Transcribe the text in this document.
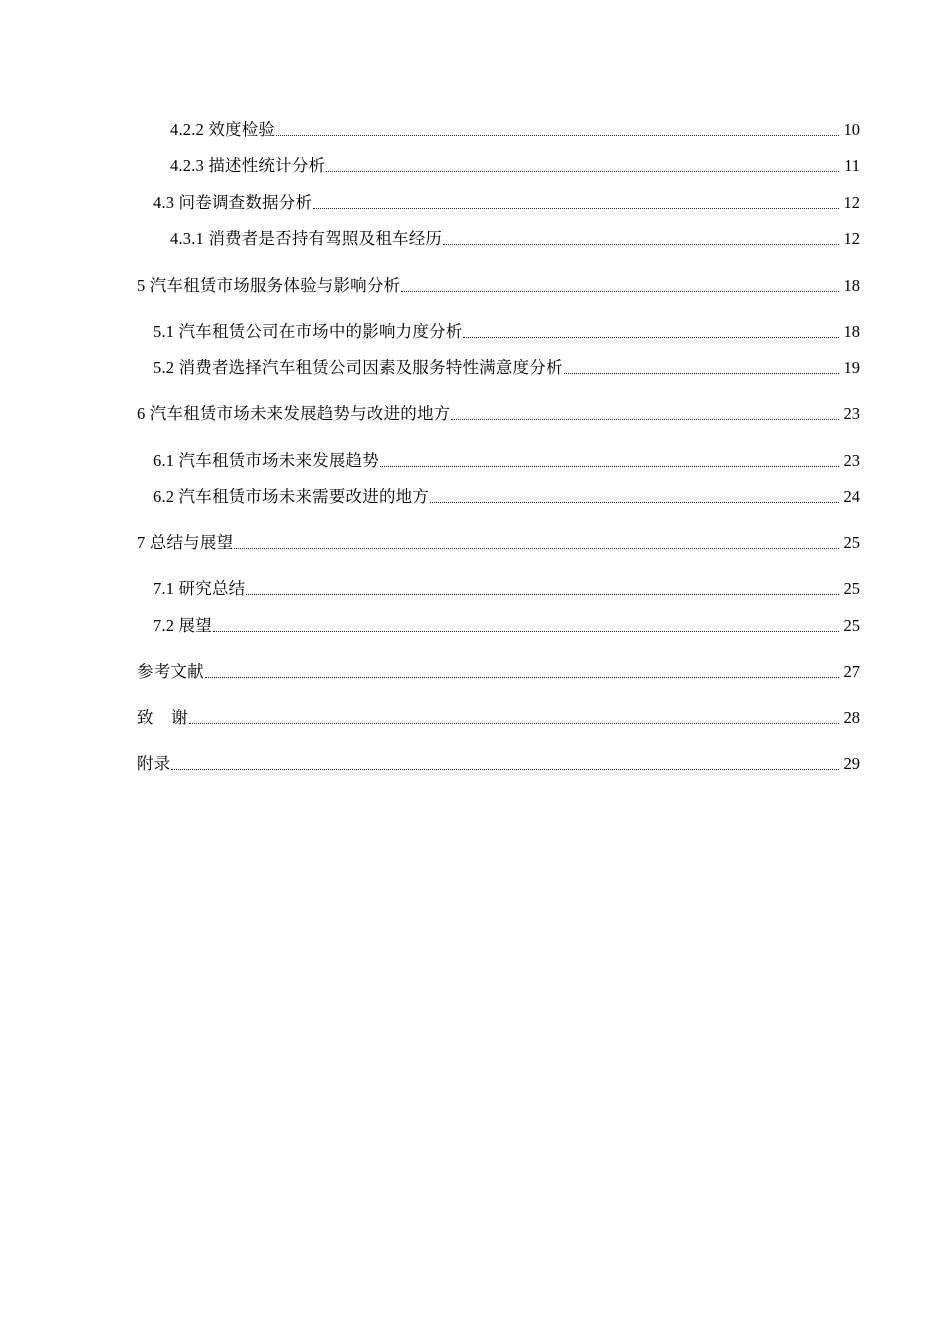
4.2.2 效度检验	10
4.2.3 描述性统计分析	11
4.3 问卷调查数据分析	12
4.3.1 消费者是否持有驾照及租车经历	12
5 汽车租赁市场服务体验与影响分析	18
5.1 汽车租赁公司在市场中的影响力度分析	18
5.2 消费者选择汽车租赁公司因素及服务特性满意度分析	19
6 汽车租赁市场未来发展趋势与改进的地方	23
6.1 汽车租赁市场未来发展趋势	23
6.2 汽车租赁市场未来需要改进的地方	24
7 总结与展望	25
7.1 研究总结	25
7.2 展望	25
参考文献	27
致    谢	28
附录	29
